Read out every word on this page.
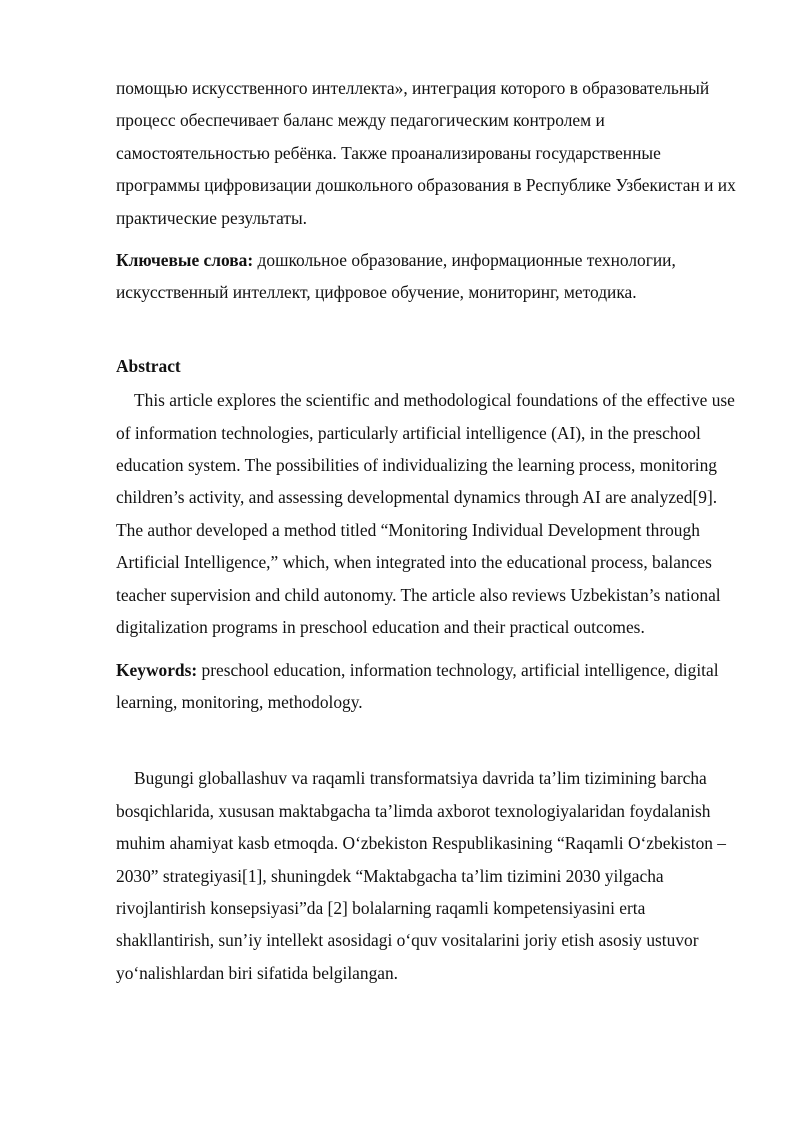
помощью искусственного интеллекта», интеграция которого в образовательный процесс обеспечивает баланс между педагогическим контролем и самостоятельностью ребёнка. Также проанализированы государственные программы цифровизации дошкольного образования в Республике Узбекистан и их практические результаты.

Ключевые слова: дошкольное образование, информационные технологии, искусственный интеллект, цифровое обучение, мониторинг, методика.

Abstract

This article explores the scientific and methodological foundations of the effective use of information technologies, particularly artificial intelligence (AI), in the preschool education system. The possibilities of individualizing the learning process, monitoring children’s activity, and assessing developmental dynamics through AI are analyzed[9]. The author developed a method titled “Monitoring Individual Development through Artificial Intelligence,” which, when integrated into the educational process, balances teacher supervision and child autonomy. The article also reviews Uzbekistan’s national digitalization programs in preschool education and their practical outcomes.

Keywords: preschool education, information technology, artificial intelligence, digital learning, monitoring, methodology.

Bugungi globallashuv va raqamli transformatsiya davrida ta’lim tizimining barcha bosqichlarida, xususan maktabgacha ta’limda axborot texnologiyalaridan foydalanish muhim ahamiyat kasb etmoqda. O‘zbekiston Respublikasining “Raqamli O‘zbekiston – 2030” strategiyasi[1], shuningdek “Maktabgacha ta’lim tizimini 2030 yilgacha rivojlantirish konsepsiyasi”da [2] bolalarning raqamli kompetensiyasini erta shakllantirish, sun’iy intellekt asosidagi o‘quv vositalarini joriy etish asosiy ustuvor yo‘nalishlardan biri sifatida belgilangan.
